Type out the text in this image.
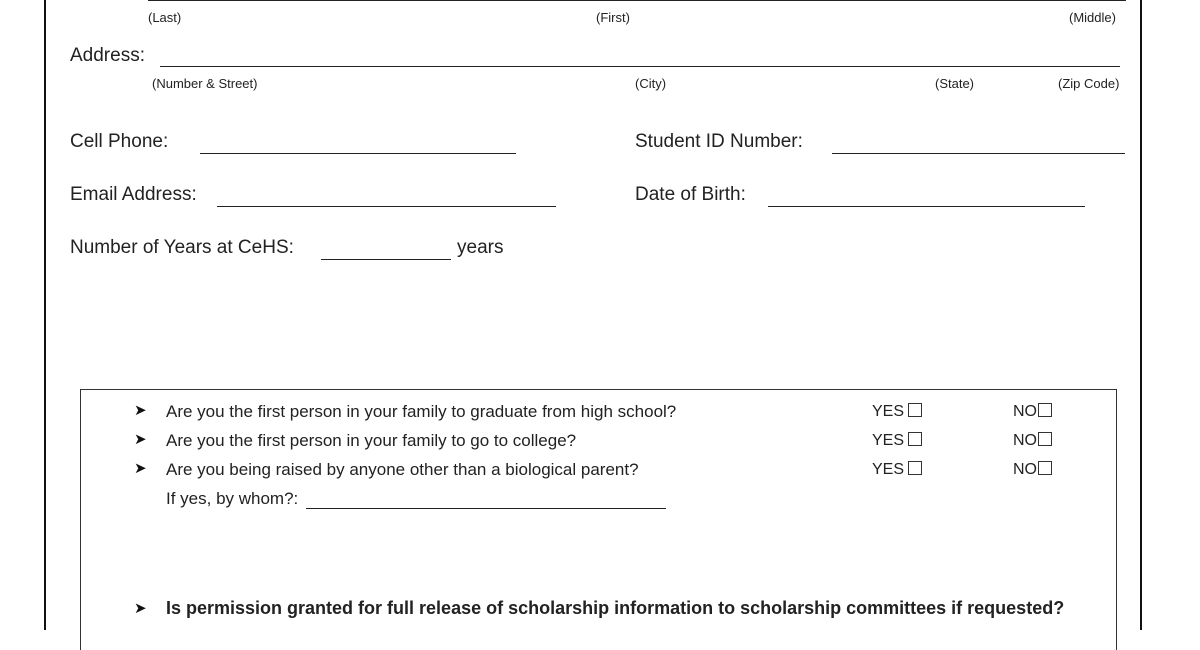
(Last)	(First)	(Middle)
Address:
(Number & Street)	(City)	(State)	(Zip Code)
Cell Phone:	Student ID Number:
Email Address:	Date of Birth:
Number of Years at CeHS:	years
➤ Are you the first person in your family to graduate from high school?	YES	NO
➤ Are you the first person in your family to go to college?	YES	NO
➤ Are you being raised by anyone other than a biological parent?	YES	NO
If yes, by whom?:
➤ Is permission granted for full release of scholarship information to scholarship committees if requested?
